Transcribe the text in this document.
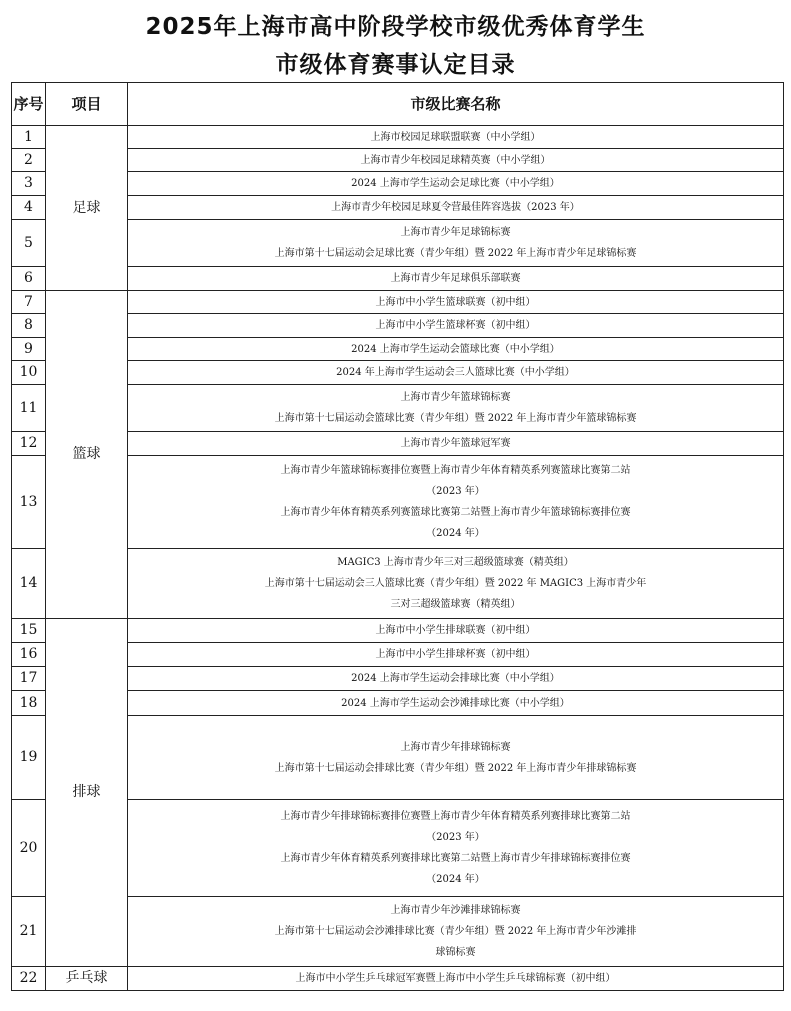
2025年上海市高中阶段学校市级优秀体育学生
市级体育赛事认定目录
序号	项目	市级比赛名称
1	足球	上海市校园足球联盟联赛（中小学组）

2		上海市青少年校园足球精英赛（中小学组）

3		2024 上海市学生运动会足球比赛（中小学组）

4		上海市青少年校园足球夏令营最佳阵容选拔（2023 年）

5		上海市青少年足球锦标赛
上海市第十七届运动会足球比赛（青少年组）暨 2022 年上海市青少年足球锦标赛

6		上海市青少年足球俱乐部联赛

7	篮球	上海市中小学生篮球联赛（初中组）

8		上海市中小学生篮球杯赛（初中组）

9		2024 上海市学生运动会篮球比赛（中小学组）

10		2024 年上海市学生运动会三人篮球比赛（中小学组）

11		上海市青少年篮球锦标赛
上海市第十七届运动会篮球比赛（青少年组）暨 2022 年上海市青少年篮球锦标赛

12		上海市青少年篮球冠军赛

13		上海市青少年篮球锦标赛排位赛暨上海市青少年体育精英系列赛篮球比赛第二站
（2023 年）
上海市青少年体育精英系列赛篮球比赛第二站暨上海市青少年篮球锦标赛排位赛
（2024 年）

14		MAGIC3 上海市青少年三对三超级篮球赛（精英组）
上海市第十七届运动会三人篮球比赛（青少年组）暨 2022 年 MAGIC3 上海市青少年
三对三超级篮球赛（精英组）

15	排球	上海市中小学生排球联赛（初中组）

16		上海市中小学生排球杯赛（初中组）

17		2024 上海市学生运动会排球比赛（中小学组）

18		2024 上海市学生运动会沙滩排球比赛（中小学组）

19		上海市青少年排球锦标赛
上海市第十七届运动会排球比赛（青少年组）暨 2022 年上海市青少年排球锦标赛

20		上海市青少年排球锦标赛排位赛暨上海市青少年体育精英系列赛排球比赛第二站
（2023 年）
上海市青少年体育精英系列赛排球比赛第二站暨上海市青少年排球锦标赛排位赛
（2024 年）

21		上海市青少年沙滩排球锦标赛
上海市第十七届运动会沙滩排球比赛（青少年组）暨 2022 年上海市青少年沙滩排
球锦标赛

22	乒乓球	上海市中小学生乒乓球冠军赛暨上海市中小学生乒乓球锦标赛（初中组）
